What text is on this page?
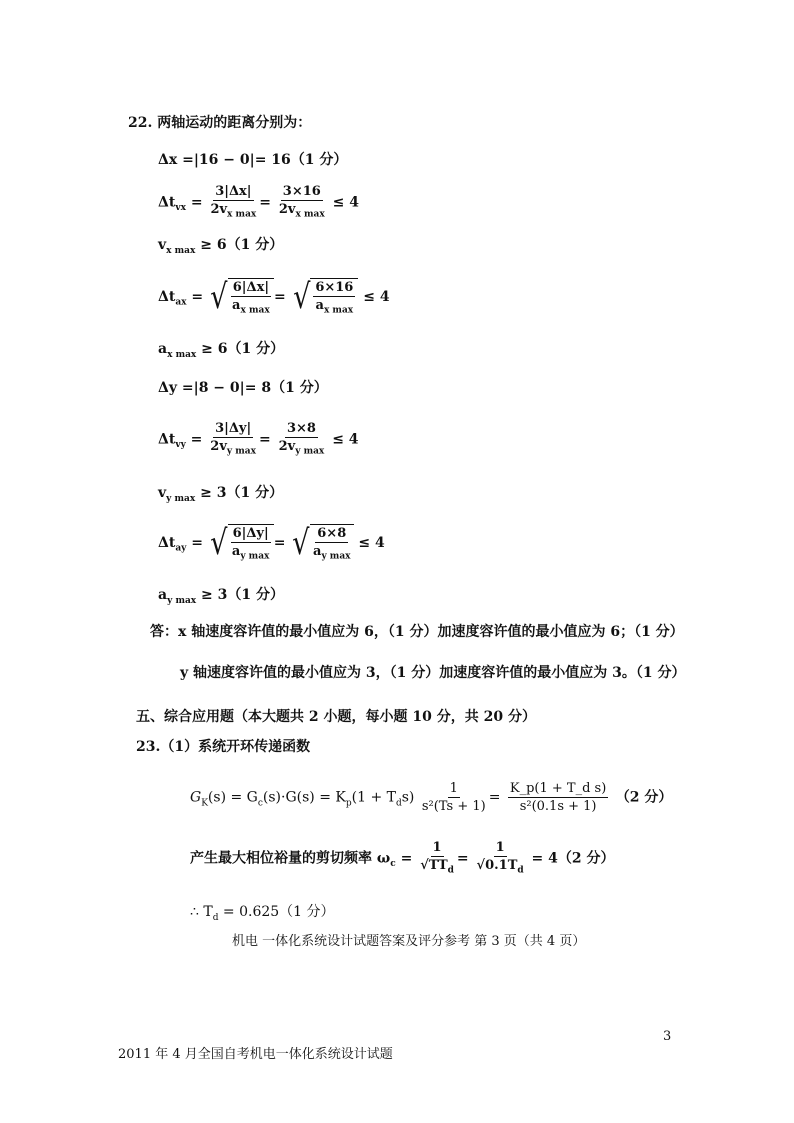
22. 两轴运动的距离分别为：
Δx =|16 − 0|= 16（1 分）
$\Delta t_{vx} = \frac{3|\Delta x|}{2v_{x max}} = \frac{3\times 16}{2v_{x max}} \le 4$
$v_{x max} \ge 6(1$ 分）
$\Delta t_{ax}$ = √ $\frac{6|\Delta x|}{a_{x max}}$ = √ $\frac{6\times 16}{a_{x max}} \le 4$
$a_{x max} \ge 6(1$ 分）
Δy =|8 − 0|= 8（1 分）
$\Delta t_{vy} = \frac{3|\Delta y|}{2v_{y max}} = \frac{3\times 8}{2v_{y max}} \le 4$
$v_{y max} \ge 3(1$ 分）
$\Delta t_{ay}$ = √ $\frac{6|\Delta y|}{a_{y max}}$ = √ $\frac{6\times 8}{a_{y max}} \le 4$
$a_{y max} \ge 3(1$ 分）
答：x 轴速度容许值的最小值应为 6，（1 分）加速度容许值的最小值应为 6；（1 分）
y 轴速度容许值的最小值应为 3，（1 分）加速度容许值的最小值应为 3。（1 分）
五、综合应用题（本大题共 2 小题，每小题 10 分，共 20 分）
23.（1）系统开环传递函数
$G_K(s) = G_c(s)\cdot G(s) = K_p(1 + T_ds) \frac{1}{\text{s²(Ts + 1)}} = \frac{\text{K\_p(1 + T\_d s)}}{\text{s²(0.1s + 1)}} (2$ 分）
产生最大相位裕量的剪切频率 $\omega_c = \frac{1}{√TT_d} = \frac{1}{√0.1T_d} = 4(2$ 分）
∴ $T_d = 0.625(1$ 分）
机电 一体化系统设计试题答案及评分参考 第 3 页（共 4 页）
3
2011 年 4 月全国自考机电一体化系统设计试题
